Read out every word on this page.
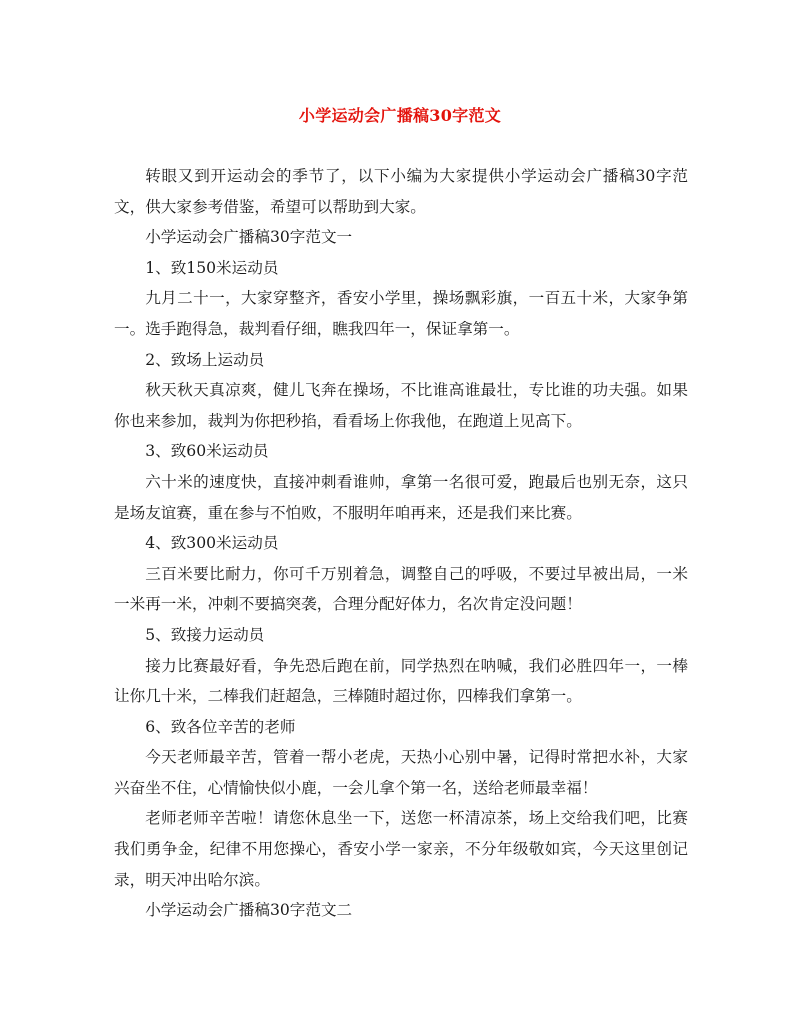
小学运动会广播稿30字范文

转眼又到开运动会的季节了，以下小编为大家提供小学运动会广播稿30字范文，供大家参考借鉴，希望可以帮助到大家。

小学运动会广播稿30字范文一

1、致150米运动员

九月二十一，大家穿整齐，香安小学里，操场飘彩旗，一百五十米，大家争第一。选手跑得急，裁判看仔细，瞧我四年一，保证拿第一。

2、致场上运动员

秋天秋天真凉爽，健儿飞奔在操场，不比谁高谁最壮，专比谁的功夫强。如果你也来参加，裁判为你把秒掐，看看场上你我他，在跑道上见高下。

3、致60米运动员

六十米的速度快，直接冲刺看谁帅，拿第一名很可爱，跑最后也别无奈，这只是场友谊赛，重在参与不怕败，不服明年咱再来，还是我们来比赛。

4、致300米运动员

三百米要比耐力，你可千万别着急，调整自己的呼吸，不要过早被出局，一米一米再一米，冲刺不要搞突袭，合理分配好体力，名次肯定没问题！

5、致接力运动员

接力比赛最好看，争先恐后跑在前，同学热烈在呐喊，我们必胜四年一，一棒让你几十米，二棒我们赶超急，三棒随时超过你，四棒我们拿第一。

6、致各位辛苦的老师

今天老师最辛苦，管着一帮小老虎，天热小心别中暑，记得时常把水补，大家兴奋坐不住，心情愉快似小鹿，一会儿拿个第一名，送给老师最幸福！

老师老师辛苦啦！请您休息坐一下，送您一杯清凉茶，场上交给我们吧，比赛我们勇争金，纪律不用您操心，香安小学一家亲，不分年级敬如宾，今天这里创记录，明天冲出哈尔滨。

小学运动会广播稿30字范文二
